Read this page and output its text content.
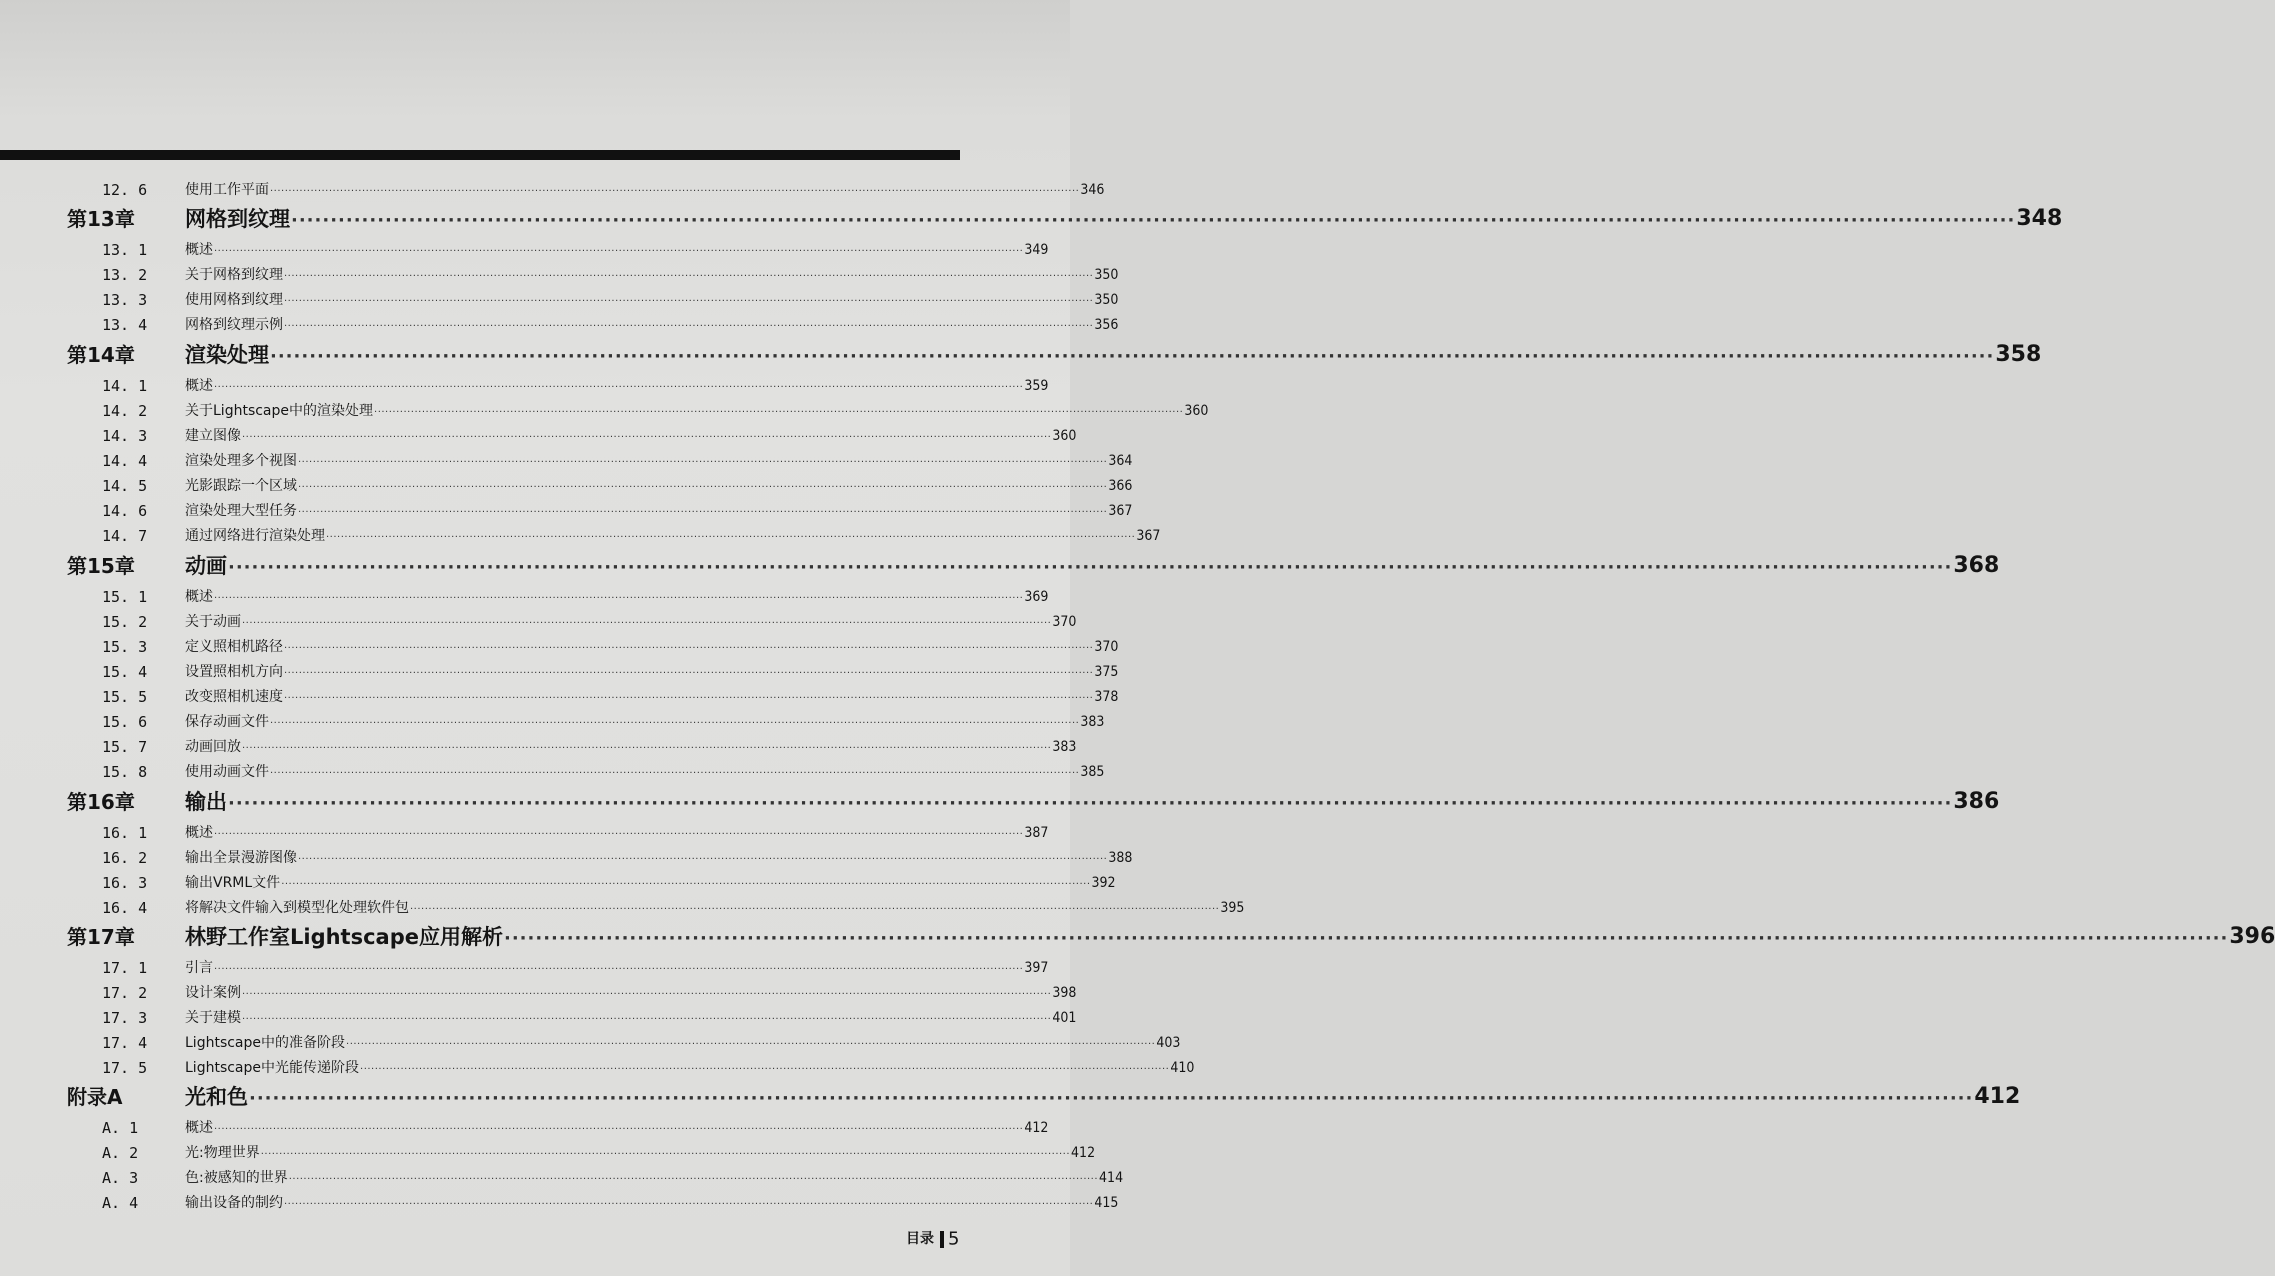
12. 6	使用工作平面 ···························································································································································································································· 346
第13章 网格到纹理 ···························································································································································································································· 348
13. 1	概述 ···························································································································································································································· 349
13. 2	关于网格到纹理 ···························································································································································································································· 350
13. 3	使用网格到纹理 ···························································································································································································································· 350
13. 4	网格到纹理示例 ···························································································································································································································· 356
第14章 渲染处理 ···························································································································································································································· 358
14. 1	概述 ···························································································································································································································· 359
14. 2	关于Lightscape中的渲染处理 ···························································································································································································································· 360
14. 3	建立图像 ···························································································································································································································· 360
14. 4	渲染处理多个视图 ···························································································································································································································· 364
14. 5	光影跟踪一个区域 ···························································································································································································································· 366
14. 6	渲染处理大型任务 ···························································································································································································································· 367
14. 7	通过网络进行渲染处理 ···························································································································································································································· 367
第15章 动画 ···························································································································································································································· 368
15. 1	概述 ···························································································································································································································· 369
15. 2	关于动画 ···························································································································································································································· 370
15. 3	定义照相机路径 ···························································································································································································································· 370
15. 4	设置照相机方向 ···························································································································································································································· 375
15. 5	改变照相机速度 ···························································································································································································································· 378
15. 6	保存动画文件 ···························································································································································································································· 383
15. 7	动画回放 ···························································································································································································································· 383
15. 8	使用动画文件 ···························································································································································································································· 385
第16章 输出 ···························································································································································································································· 386
16. 1	概述 ···························································································································································································································· 387
16. 2	输出全景漫游图像 ···························································································································································································································· 388
16. 3	输出VRML文件 ···························································································································································································································· 392
16. 4	将解决文件输入到模型化处理软件包 ···························································································································································································································· 395
第17章 林野工作室Lightscape应用解析 ···························································································································································································································· 396
17. 1	引言 ···························································································································································································································· 397
17. 2	设计案例 ···························································································································································································································· 398
17. 3	关于建模 ···························································································································································································································· 401
17. 4	Lightscape中的准备阶段 ···························································································································································································································· 403
17. 5	Lightscape中光能传递阶段 ···························································································································································································································· 410
附录A	光和色 ···························································································································································································································· 412
A. 1	概述 ···························································································································································································································· 412
A. 2	光:物理世界 ···························································································································································································································· 412
A. 3	色:被感知的世界 ···························································································································································································································· 414
A. 4	输出设备的制约 ···························································································································································································································· 415
目录 5
